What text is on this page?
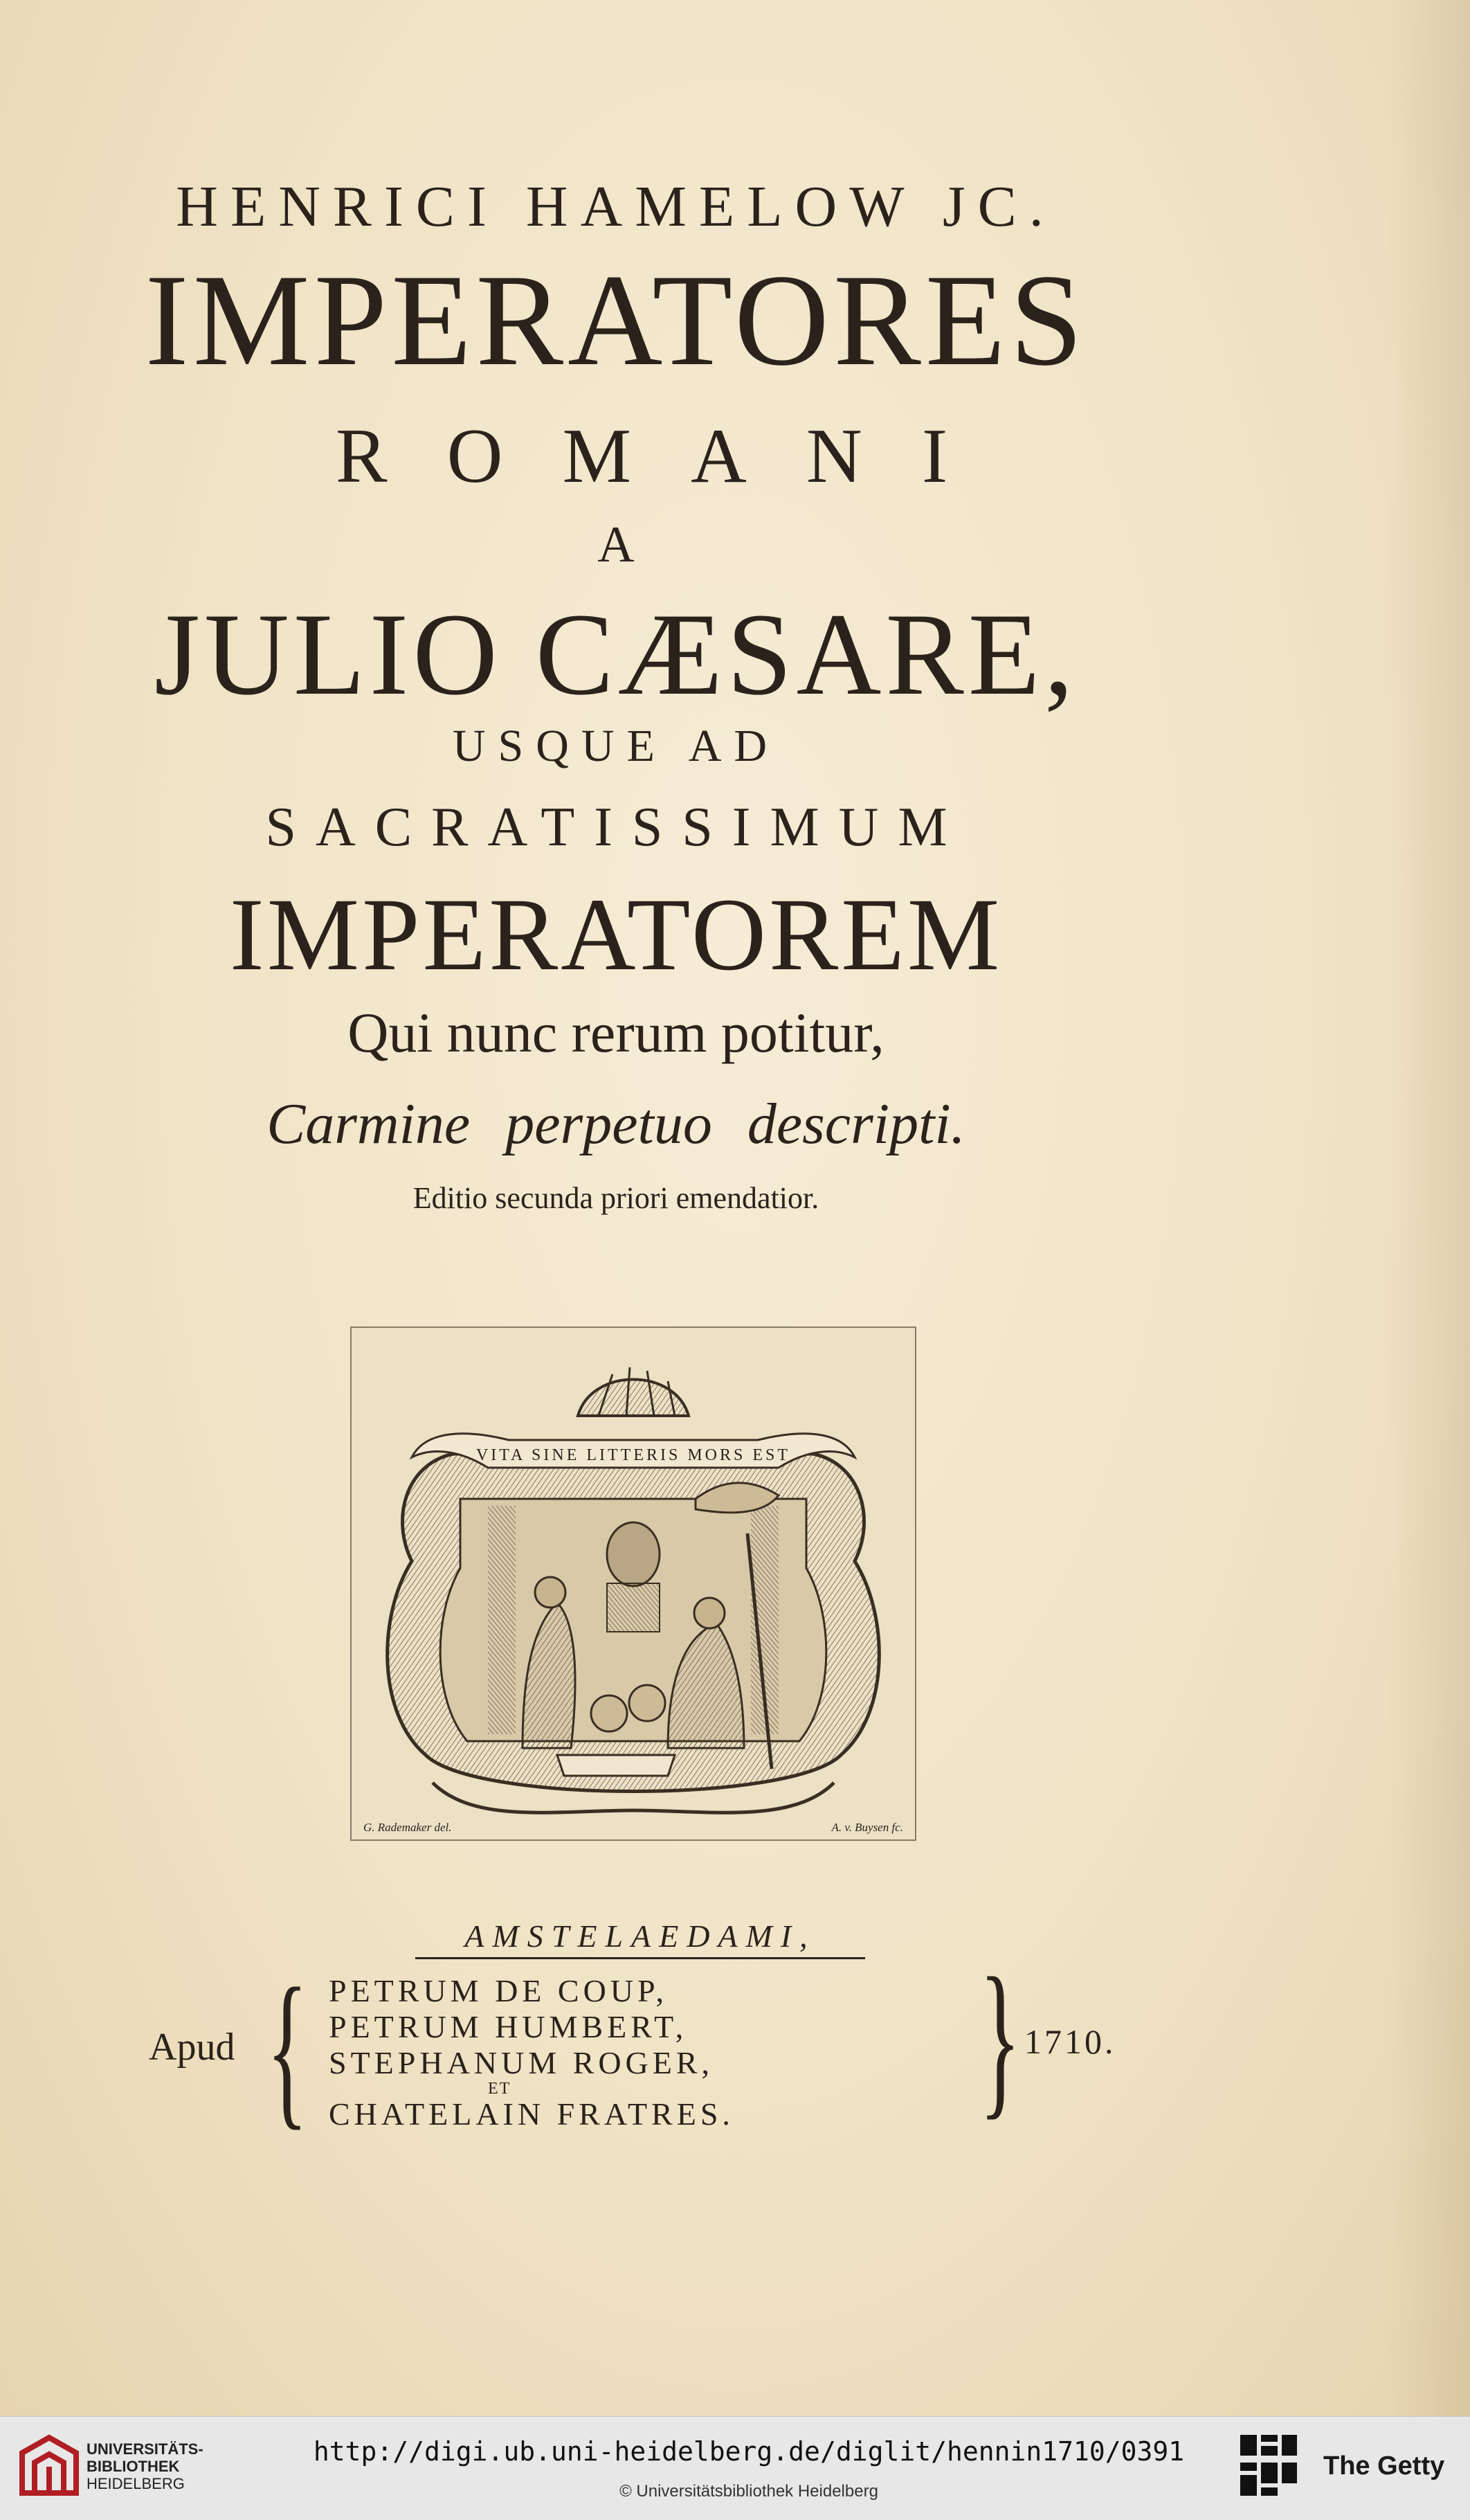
HENRICI HAMELOW JC.
IMPERATORES
ROMANI
A
JULIO CÆSARE,
USQUE AD
SACRATISSIMUM
IMPERATOREM
Qui nunc rerum potitur,
Carmine perpetuo descripti.
Editio secunda priori emendatior.
VITA SINE LITTERIS MORS EST
G. Rademaker del.	A. v. Buysen fc.
AMSTELAEDAMI,
Apud { PETRUM DE COUP,
PETRUM HUMBERT,
STEPHANUM ROGER,
ET
CHATELAIN FRATRES. } 1710.
UNIVERSITÄTS-
BIBLIOTHEK
HEIDELBERG
http://digi.ub.uni-heidelberg.de/diglit/hennin1710/0391
© Universitätsbibliothek Heidelberg
The Getty
